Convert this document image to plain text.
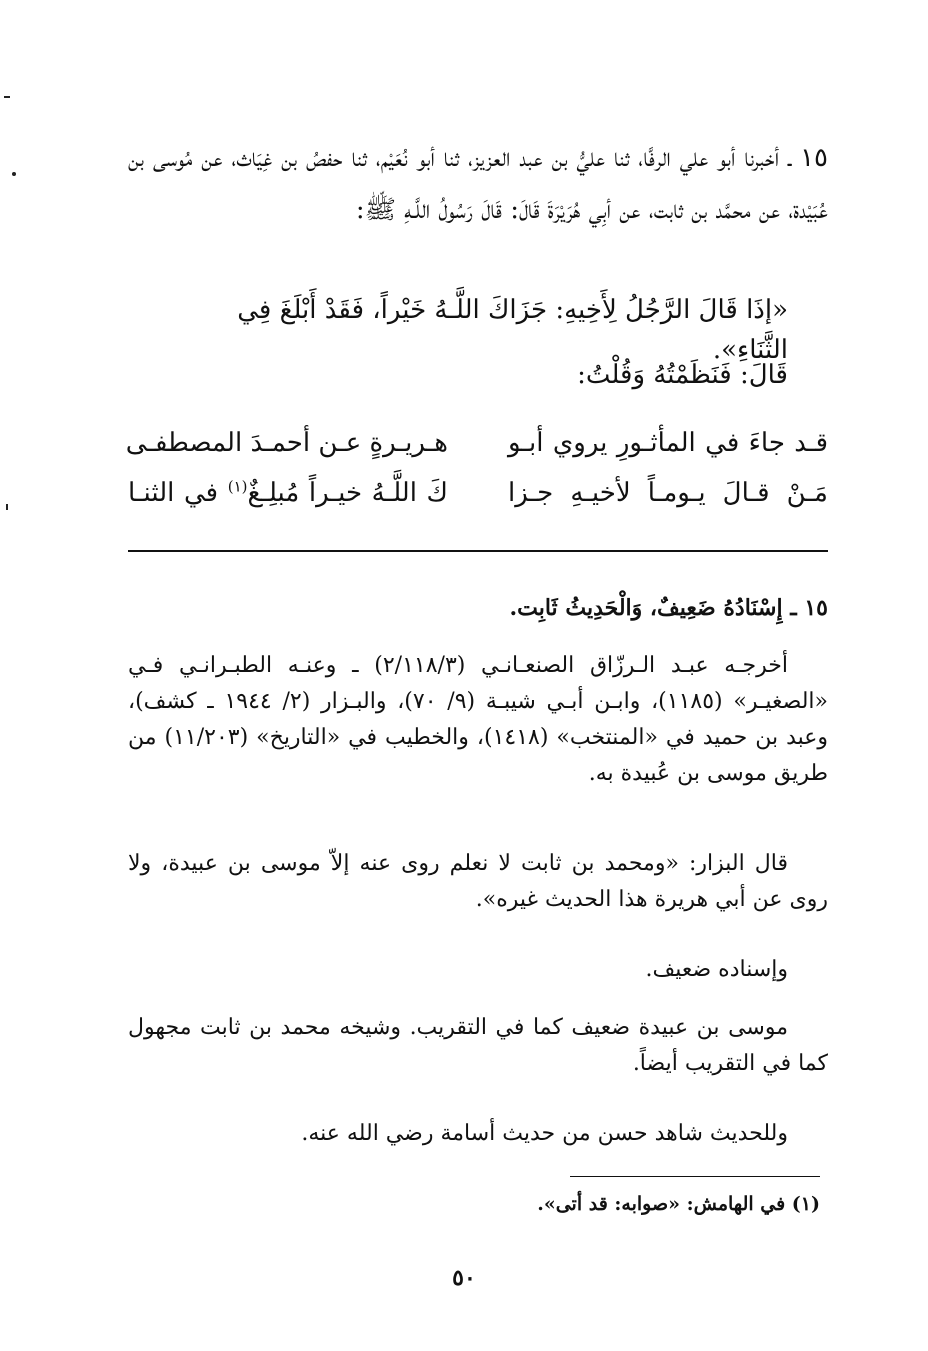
١٥ ـ أخبرنا أبو علي الرفَّا، ثنا عليُّ بن عبد العزيز، ثنا أبو نُعَيْم، ثنا حفصُ بن غِيَاث، عن مُوسى بن عُبَيْدة، عن محمَّد بن ثابت، عن أبِي هُرَيْرَةَ قَالَ: قَالَ رَسُولُ اللَّـهِ ﷺ:
«إذَا قَالَ الرَّجُلُ لِأَخِيهِ: جَزَاكَ اللَّـهُ خَيْراً، فَقَدْ أَبْلَغَ فِي الثَّنَاءِ».
قَالَ: فَنَظَمْتُهُ وَقُلْتُ:
قـد جاءَ في المأثـورِ يروي أبـو
هـريـرةٍ عـن أحمـدَ المصطفـى
مَـنْ قـالَ يـومـاً لأخيـهِ جـزا
كَ اللَّـهُ خيـراً مُبلِـغٌ$^{(١)}$ في الثنـا
١٥ ـ إِسْنَادُهُ ضَعِيفٌ، وَالْحَدِيثُ ثَابِت.
أخرجـه عبـد الـرزّاق الصنعـانـي (٢/١١٨/٣) ـ وعنـه الطبـرانـي فـي «الصغيـر» (١١٨٥)، وابـن أبـي شيبـة (٩/ ٧٠)، والبـزار (٢/ ١٩٤٤ ـ كشف)، وعبد بن حميد في «المنتخب» (١٤١٨)، والخطيب في «التاريخ» (١١/٢٠٣) من طريق موسى بن عُبيدة به.
قال البزار: «ومحمد بن ثابت لا نعلم روى عنه إلاّ موسى بن عبيدة، ولا روى عن أبي هريرة هذا الحديث غيره».
وإسناده ضعيف.
موسى بن عبيدة ضعيف كما في التقريب. وشيخه محمد بن ثابت مجهول كما في التقريب أيضاً.
وللحديث شاهد حسن من حديث أسامة رضي الله عنه.
(١) في الهامش: «صوابه: قد أتى».
٥٠
